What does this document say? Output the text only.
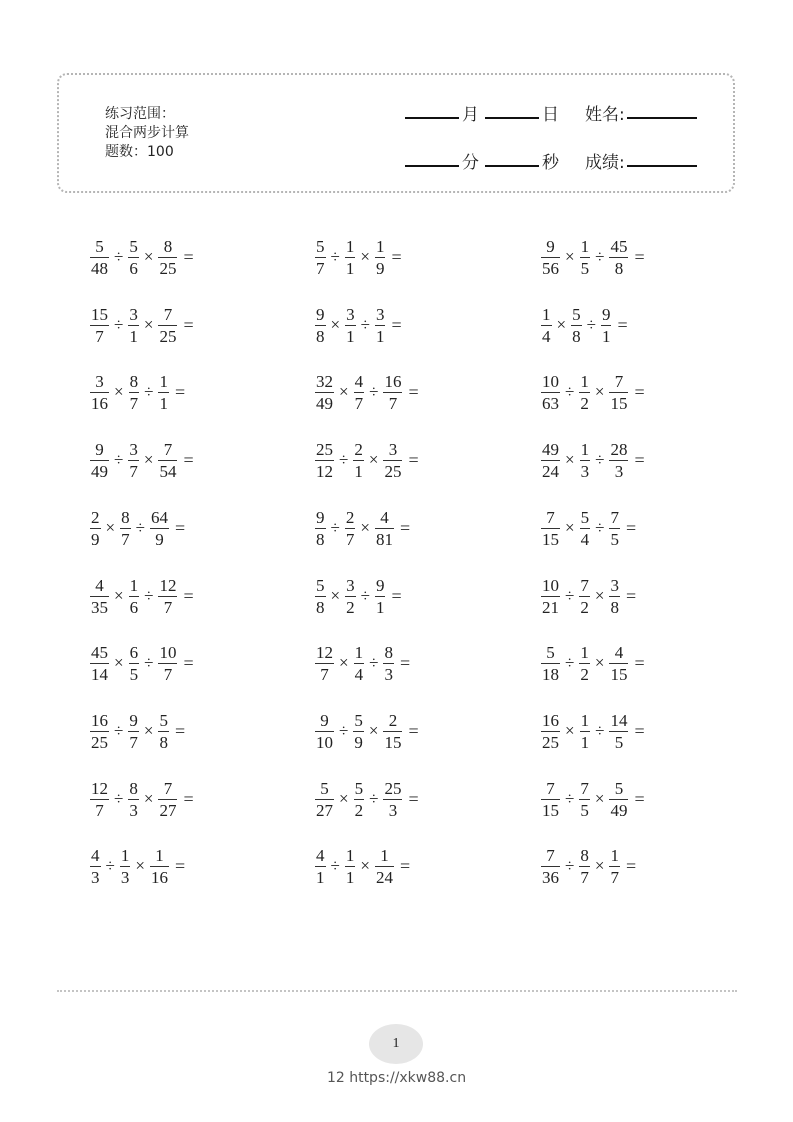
练习范围：
混合两步计算
题数：100
月	日 姓名:
分	秒 成绩:
$\frac{5}{48} \div \frac{5}{6} \times \frac{8}{25}$ =
$\frac{15}{7} \div \frac{3}{1} \times \frac{7}{25}$ =
$\frac{3}{16} \times \frac{8}{7} \div \frac{1}{1}$ =
$\frac{9}{49} \div \frac{3}{7} \times \frac{7}{54}$ =
$\frac{2}{9} \times \frac{8}{7} \div \frac{64}{9}$ =
$\frac{4}{35} \times \frac{1}{6} \div \frac{12}{7}$ =
$\frac{45}{14} \times \frac{6}{5} \div \frac{10}{7}$ =
$\frac{16}{25} \div \frac{9}{7} \times \frac{5}{8}$ =
$\frac{12}{7} \div \frac{8}{3} \times \frac{7}{27}$ =
$\frac{4}{3} \div \frac{1}{3} \times \frac{1}{16}$ =
$\frac{5}{7} \div \frac{1}{1} \times \frac{1}{9}$ =
$\frac{9}{8} \times \frac{3}{1} \div \frac{3}{1}$ =
$\frac{32}{49} \times \frac{4}{7} \div \frac{16}{7}$ =
$\frac{25}{12} \div \frac{2}{1} \times \frac{3}{25}$ =
$\frac{9}{8} \div \frac{2}{7} \times \frac{4}{81}$ =
$\frac{5}{8} \times \frac{3}{2} \div \frac{9}{1}$ =
$\frac{12}{7} \times \frac{1}{4} \div \frac{8}{3}$ =
$\frac{9}{10} \div \frac{5}{9} \times \frac{2}{15}$ =
$\frac{5}{27} \times \frac{5}{2} \div \frac{25}{3}$ =
$\frac{4}{1} \div \frac{1}{1} \times \frac{1}{24}$ =
$\frac{9}{56} \times \frac{1}{5} \div \frac{45}{8}$ =
$\frac{1}{4} \times \frac{5}{8} \div \frac{9}{1}$ =
$\frac{10}{63} \div \frac{1}{2} \times \frac{7}{15}$ =
$\frac{49}{24} \times \frac{1}{3} \div \frac{28}{3}$ =
$\frac{7}{15} \times \frac{5}{4} \div \frac{7}{5}$ =
$\frac{10}{21} \div \frac{7}{2} \times \frac{3}{8}$ =
$\frac{5}{18} \div \frac{1}{2} \times \frac{4}{15}$ =
$\frac{16}{25} \times \frac{1}{1} \div \frac{14}{5}$ =
$\frac{7}{15} \div \frac{7}{5} \times \frac{5}{49}$ =
$\frac{7}{36} \div \frac{8}{7} \times \frac{1}{7}$ =
1
12 https://xkw88.cn
